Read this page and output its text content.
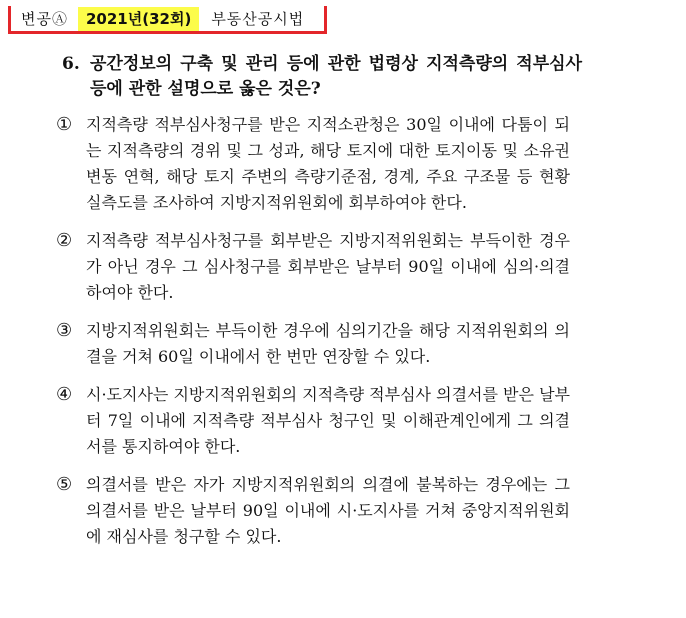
변공Ⓐ	2021년(32회)	부동산공시법
6. 공간정보의 구축 및 관리 등에 관한 법령상 지적측량의 적부심사 등에 관한 설명으로 옳은 것은?
① 지적측량 적부심사청구를 받은 지적소관청은 30일 이내에 다툼이 되는 지적측량의 경위 및 그 성과, 해당 토지에 대한 토지이동 및 소유권 변동 연혁, 해당 토지 주변의 측량기준점, 경계, 주요 구조물 등 현황 실측도를 조사하여 지방지적위원회에 회부하여야 한다.
② 지적측량 적부심사청구를 회부받은 지방지적위원회는 부득이한 경우가 아닌 경우 그 심사청구를 회부받은 날부터 90일 이내에 심의·의결하여야 한다.
③ 지방지적위원회는 부득이한 경우에 심의기간을 해당 지적위원회의 의결을 거쳐 60일 이내에서 한 번만 연장할 수 있다.
④ 시·도지사는 지방지적위원회의 지적측량 적부심사 의결서를 받은 날부터 7일 이내에 지적측량 적부심사 청구인 및 이해관계인에게 그 의결서를 통지하여야 한다.
⑤ 의결서를 받은 자가 지방지적위원회의 의결에 불복하는 경우에는 그 의결서를 받은 날부터 90일 이내에 시·도지사를 거쳐 중앙지적위원회에 재심사를 청구할 수 있다.
